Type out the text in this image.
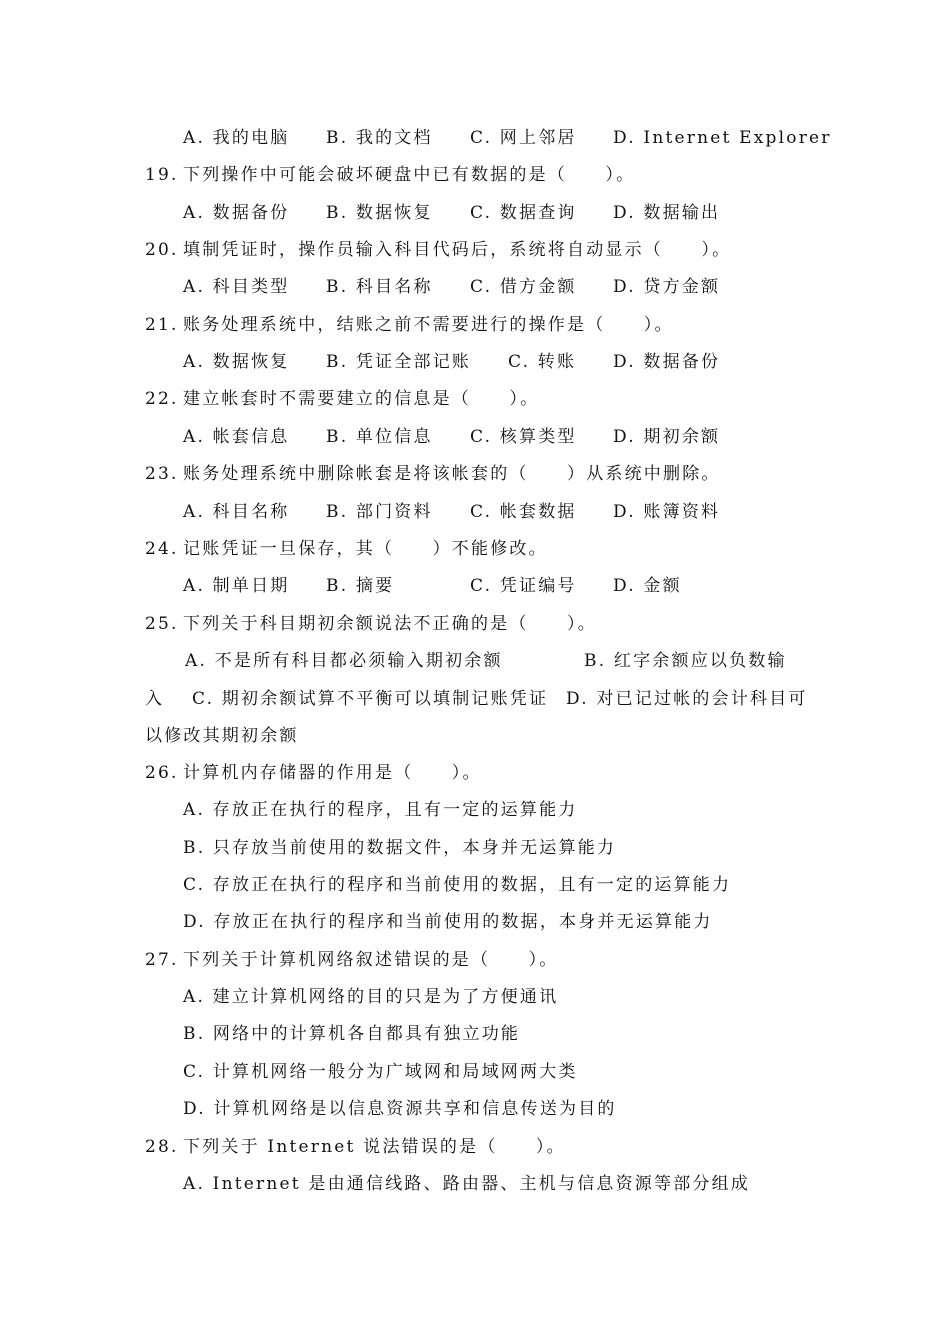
A. 我的电脑 B. 我的文档 C. 网上邻居 D. Internet Explorer
19. 下列操作中可能会破坏硬盘中已有数据的是（　　）。
A. 数据备份 B. 数据恢复 C. 数据查询 D. 数据输出
20. 填制凭证时，操作员输入科目代码后，系统将自动显示（　　）。
A. 科目类型 B. 科目名称 C. 借方金额 D. 贷方金额
21. 账务处理系统中，结账之前不需要进行的操作是（　　）。
A. 数据恢复 B. 凭证全部记账 C. 转账 D. 数据备份
22. 建立帐套时不需要建立的信息是（　　）。
A. 帐套信息 B. 单位信息 C. 核算类型 D. 期初余额
23. 账务处理系统中删除帐套是将该帐套的（　　）从系统中删除。
A. 科目名称 B. 部门资料 C. 帐套数据 D. 账簿资料
24. 记账凭证一旦保存，其（　　）不能修改。
A. 制单日期 B. 摘要	C. 凭证编号 D. 金额
25. 下列关于科目期初余额说法不正确的是（　　）。
A. 不是所有科目都必须输入期初余额	B. 红字余额应以负数输
入 C. 期初余额试算不平衡可以填制记账凭证 D. 对已记过帐的会计科目可
以修改其期初余额
26. 计算机内存储器的作用是（　　）。
A. 存放正在执行的程序，且有一定的运算能力
B. 只存放当前使用的数据文件，本身并无运算能力
C. 存放正在执行的程序和当前使用的数据，且有一定的运算能力
D. 存放正在执行的程序和当前使用的数据，本身并无运算能力
27. 下列关于计算机网络叙述错误的是（　　）。
A. 建立计算机网络的目的只是为了方便通讯
B. 网络中的计算机各自都具有独立功能
C. 计算机网络一般分为广域网和局域网两大类
D. 计算机网络是以信息资源共享和信息传送为目的
28. 下列关于 Internet 说法错误的是（　　）。
A. Internet 是由通信线路、路由器、主机与信息资源等部分组成
